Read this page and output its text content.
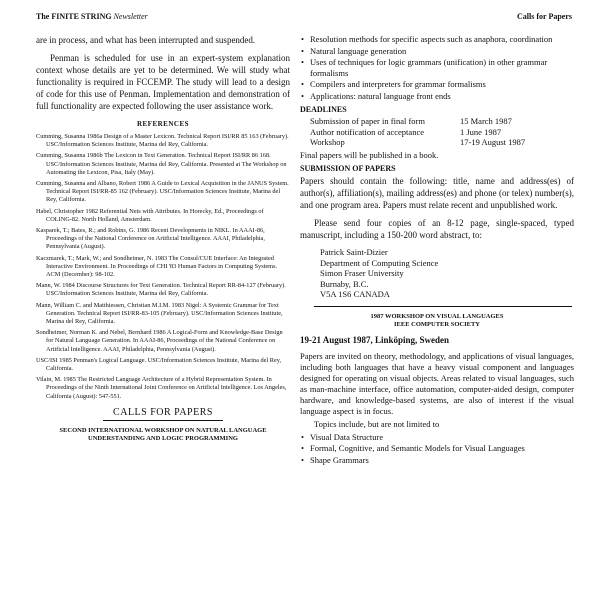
The FINITE STRING Newsletter	Calls for Papers

are in process, and what has been interrupted and suspended.

Penman is scheduled for use in an expert-system explanation context whose details are yet to be determined. We will study what functionality is required in FCCEMP. The study will lead to a design of code for this use of Penman. Implementation and demonstration of full functionality are expected following the user assistance work.

REFERENCES
Cumming, Susanna 1986a Design of a Master Lexicon. Technical Report ISI/RR 85 163 (February). USC/Information Sciences Institute, Marina del Rey, California.
Cumming, Susanna 1986b The Lexicon in Text Generation. Technical Report ISI/RR 86 168. USC/Information Sciences Institute, Marina del Rey, California. Presented at The Workshop on Automating the Lexicon, Pisa, Italy (May).
Cumming, Susanna and Albano, Robert 1986 A Guide to Lexical Acquisition in the JANUS System. Technical Report ISI/RR-85 162 (February). USC/Information Sciences Institute, Marina del Rey, California.
Habel, Christopher 1982 Referential Nets with Attributes. In Horecky, Ed., Proceedings of COLING-82. North Holland, Amsterdam.
Kasparek, T.; Bates, R.; and Robins, G. 1986 Recent Developments in NIKL. In AAAI-86, Proceedings of the National Conference on Artificial Intelligence. AAAI, Philadelphia, Pennsylvania (August).
Kaczmarek, T.; Mark, W.; and Sondheimer, N. 1983 The Consul/CUE Interface: An Integrated Interactive Environment. In Proceedings of CHI '83 Human Factors in Computing Systems. ACM (December): 98-102.
Mann, W. 1984 Discourse Structures for Text Generation. Technical Report RR-84-127 (February). USC/Information Sciences Institute, Marina del Rey, California.
Mann, William C. and Matthiessen, Christian M.I.M. 1983 Nigel: A Systemic Grammar for Text Generation. Technical Report ISI/RR-83-105 (February). USC/Information Sciences Institute, Marina del Rey, California.
Sondheimer, Norman K. and Nebel, Bernhard 1986 A Logical-Form and Knowledge-Base Design for Natural Language Generation. In AAAI-86, Proceedings of the National Conference on Artificial Intelligence. AAAI, Philadelphia, Pennsylvania (August).
USC/ISI 1985 Penman's Logical Language. USC/Information Sciences Institute, Marina del Rey, California.
Vilain, M. 1985 The Restricted Language Architecture of a Hybrid Representation System. In Proceedings of the Ninth International Joint Conference on Artificial Intelligence. Los Angeles, California (August): 547-551.
CALLS FOR PAPERS
SECOND INTERNATIONAL WORKSHOP ON NATURAL LANGUAGE UNDERSTANDING AND LOGIC PROGRAMMING
• Resolution methods for specific aspects such as anaphora, coordination
• Natural language generation
• Uses of techniques for logic grammars (unification) in other grammar formalisms
• Compilers and interpreters for grammar formalisms
• Applications: natural language front ends
DEADLINES
Submission of paper in final form	15 March 1987
Author notification of acceptance	1 June 1987
Workshop	17-19 August 1987
Final papers will be published in a book.
SUBMISSION OF PAPERS

Papers should contain the following: title, name and address(es) of author(s), affiliation(s), mailing address(es) and phone (or telex) number(s), and one program area. Papers must relate recent and unpublished work.

Please send four copies of an 8-12 page, single-spaced, typed manuscript, including a 150-200 word abstract, to:

Patrick Saint-Dizier
Department of Computing Science
Simon Fraser University
Burnaby, B.C.
V5A 1S6 CANADA
1987 WORKSHOP ON VISUAL LANGUAGES
IEEE COMPUTER SOCIETY
19-21 August 1987, Linköping, Sweden
Papers are invited on theory, methodology, and applications of visual languages, including both languages that have a heavy visual component and languages designed for operating on visual objects. Areas related to visual languages, such as man-machine interface, office automation, computer-aided design, computer hardware, and knowledge-based systems, are also of interest if the visual language aspect is in focus.
Topics include, but are not limited to
• Visual Data Structure
• Formal, Cognitive, and Semantic Models for Visual Languages
• Shape Grammars
